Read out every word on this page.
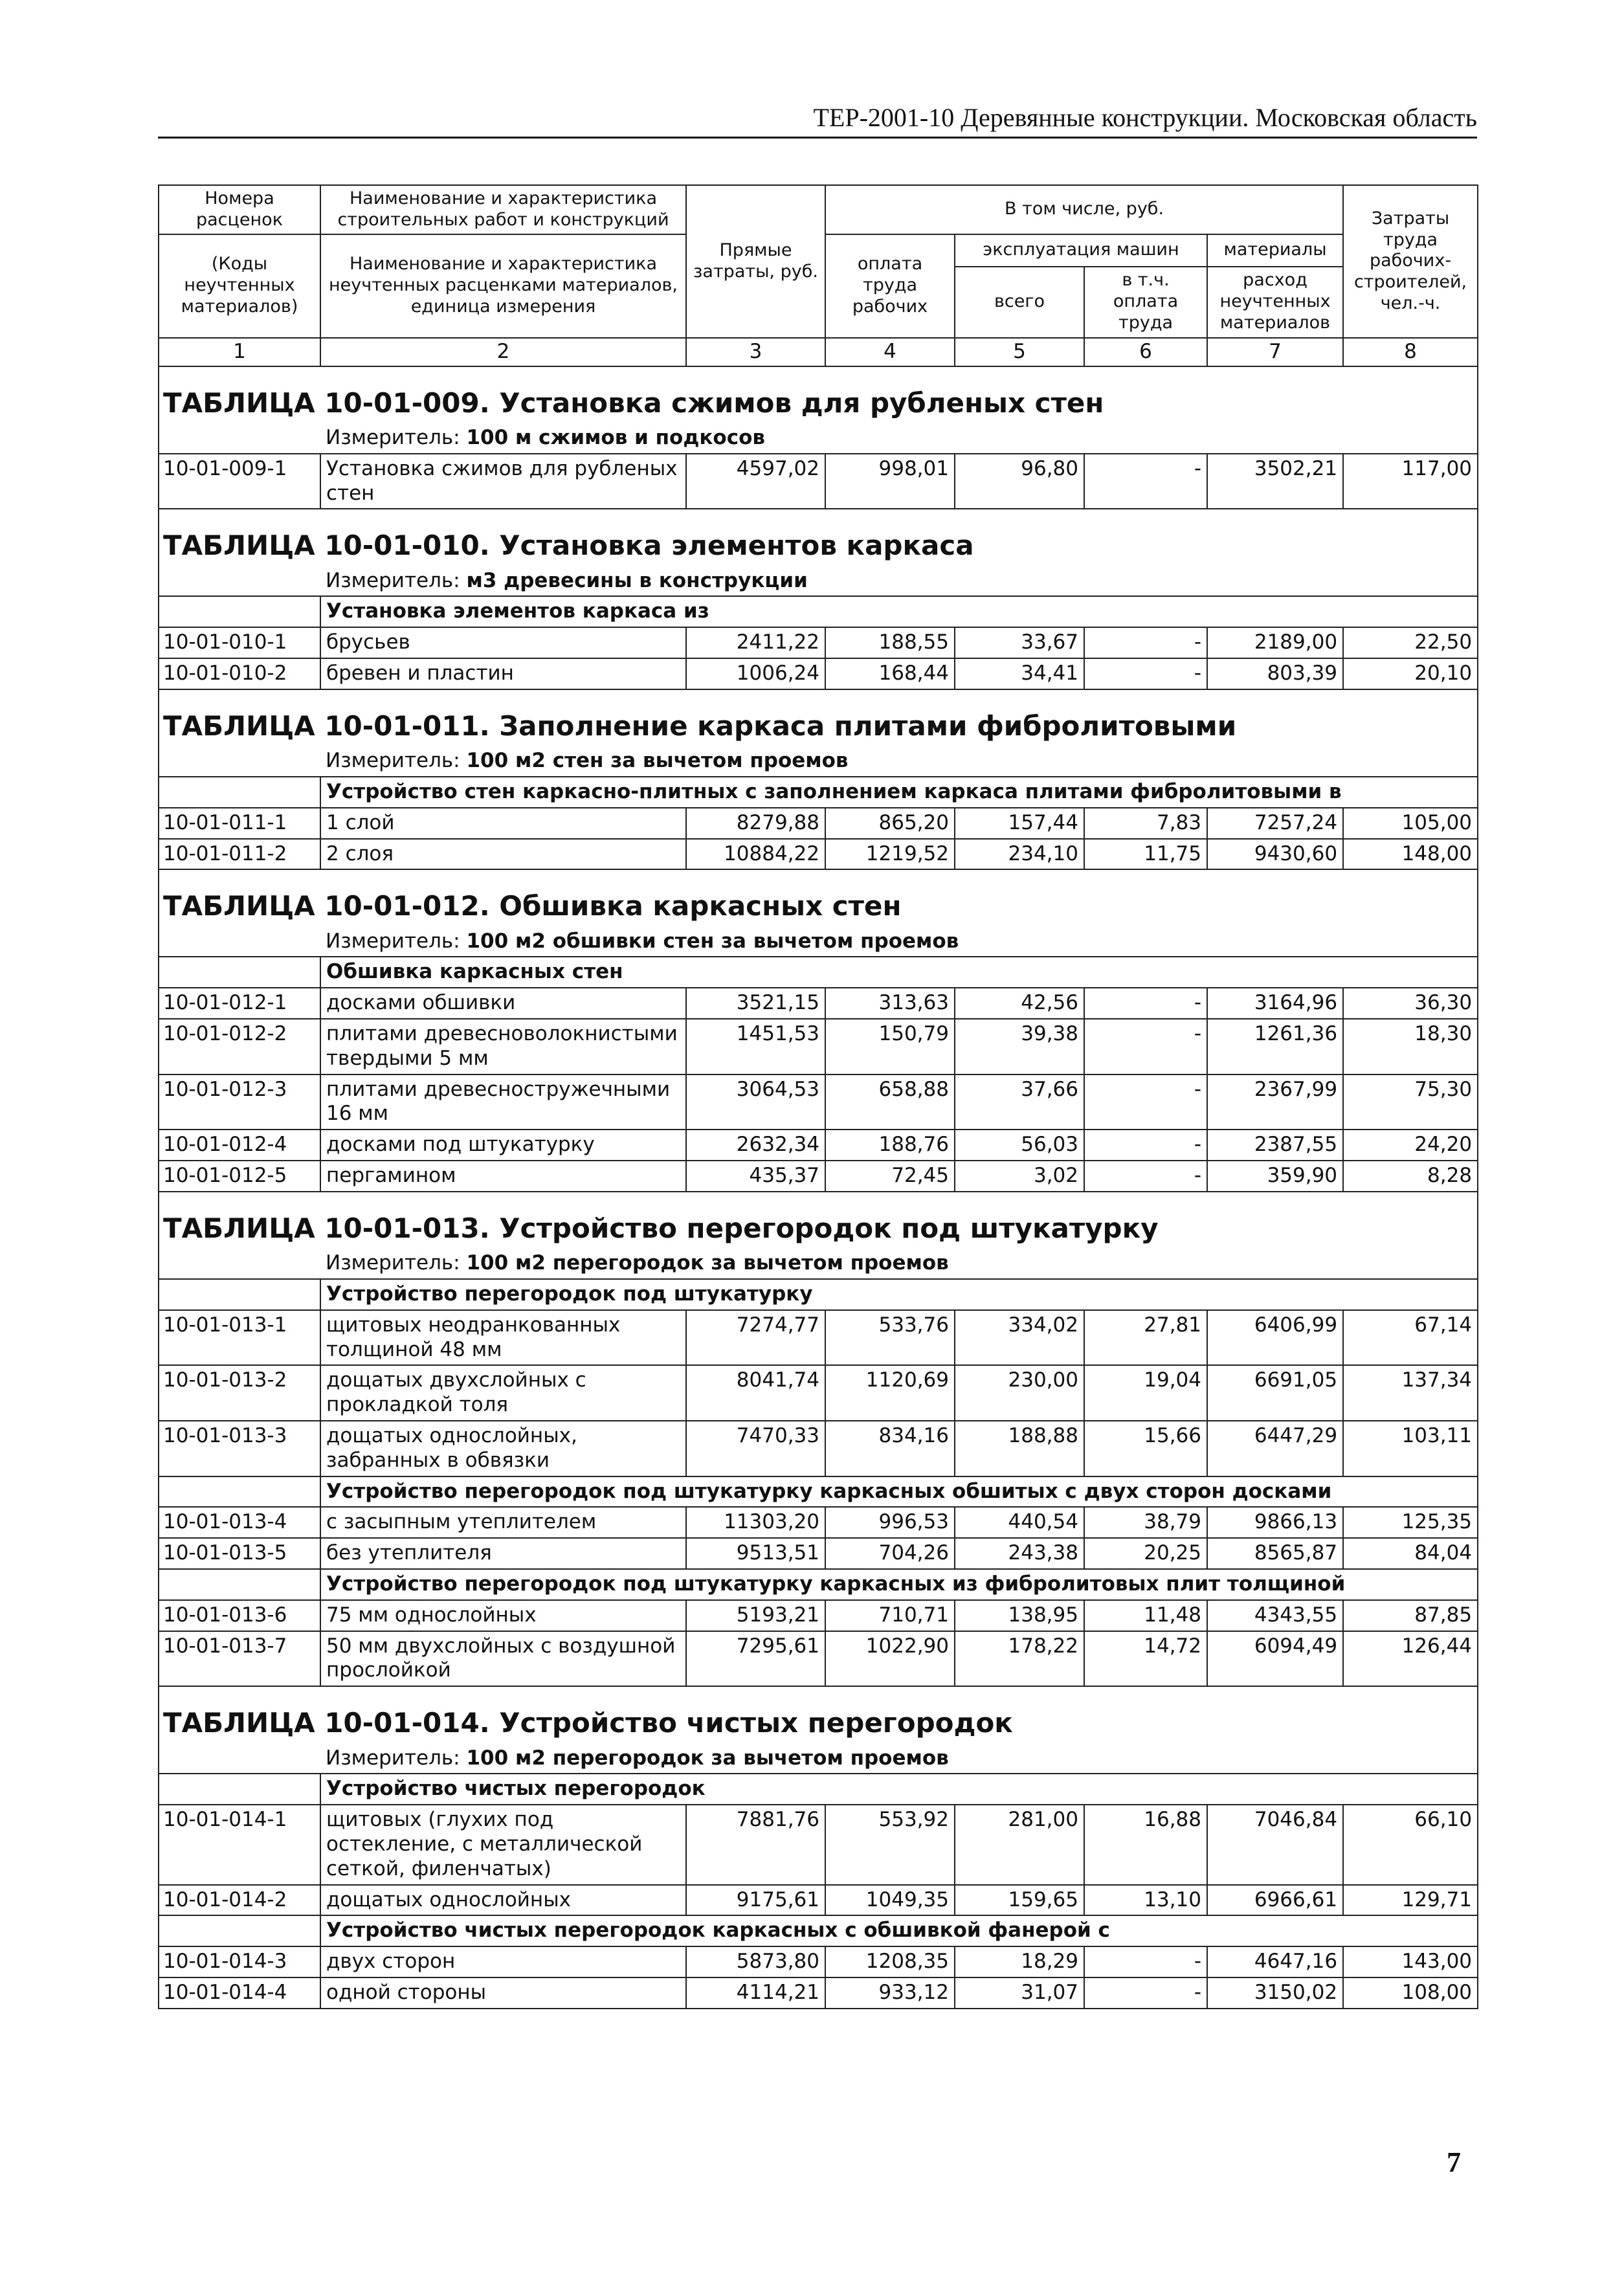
ТЕР-2001-10 Деревянные конструкции. Московская область
Номера расценок	Наименование и характеристика строительных работ и конструкций	Прямые затраты, руб.	В том числе, руб.				Затраты труда рабочих-строителей, чел.-ч.
(Коды неучтенных материалов)	Наименование и характеристика неучтенных расценками материалов, единица измерения		оплата труда рабочих	эксплуатация машин		материалы	
				всего	в т.ч. оплата труда	расход неучтенных материалов	
1	2	3	4	5	6	7	8
ТАБЛИЦА 10-01-009. Установка сжимов для рубленых стен							
	Измеритель: 100 м сжимов и подкосов						
10-01-009-1	Установка сжимов для рубленых стен	4597,02	998,01	96,80	-	3502,21	117,00
ТАБЛИЦА 10-01-010. Установка элементов каркаса							
	Измеритель: м3 древесины в конструкции						
	Установка элементов каркаса из						
10-01-010-1	брусьев	2411,22	188,55	33,67	-	2189,00	22,50
10-01-010-2	бревен и пластин	1006,24	168,44	34,41	-	803,39	20,10
ТАБЛИЦА 10-01-011. Заполнение каркаса плитами фибролитовыми							
	Измеритель: 100 м2 стен за вычетом проемов						
	Устройство стен каркасно-плитных с заполнением каркаса плитами фибролитовыми в						
10-01-011-1	1 слой	8279,88	865,20	157,44	7,83	7257,24	105,00
10-01-011-2	2 слоя	10884,22	1219,52	234,10	11,75	9430,60	148,00
ТАБЛИЦА 10-01-012. Обшивка каркасных стен							
	Измеритель: 100 м2 обшивки стен за вычетом проемов						
	Обшивка каркасных стен						
10-01-012-1	досками обшивки	3521,15	313,63	42,56	-	3164,96	36,30
10-01-012-2	плитами древесноволокнистыми твердыми 5 мм	1451,53	150,79	39,38	-	1261,36	18,30
10-01-012-3	плитами древесностружечными 16 мм	3064,53	658,88	37,66	-	2367,99	75,30
10-01-012-4	досками под штукатурку	2632,34	188,76	56,03	-	2387,55	24,20
10-01-012-5	пергамином	435,37	72,45	3,02	-	359,90	8,28
ТАБЛИЦА 10-01-013. Устройство перегородок под штукатурку							
	Измеритель: 100 м2 перегородок за вычетом проемов						
	Устройство перегородок под штукатурку						
10-01-013-1	щитовых неодранкованных толщиной 48 мм	7274,77	533,76	334,02	27,81	6406,99	67,14
10-01-013-2	дощатых двухслойных с прокладкой толя	8041,74	1120,69	230,00	19,04	6691,05	137,34
10-01-013-3	дощатых однослойных, забранных в обвязки	7470,33	834,16	188,88	15,66	6447,29	103,11
	Устройство перегородок под штукатурку каркасных обшитых с двух сторон досками						
10-01-013-4	с засыпным утеплителем	11303,20	996,53	440,54	38,79	9866,13	125,35
10-01-013-5	без утеплителя	9513,51	704,26	243,38	20,25	8565,87	84,04
	Устройство перегородок под штукатурку каркасных из фибролитовых плит толщиной						
10-01-013-6	75 мм однослойных	5193,21	710,71	138,95	11,48	4343,55	87,85
10-01-013-7	50 мм двухслойных с воздушной прослойкой	7295,61	1022,90	178,22	14,72	6094,49	126,44
ТАБЛИЦА 10-01-014. Устройство чистых перегородок							
	Измеритель: 100 м2 перегородок за вычетом проемов						
	Устройство чистых перегородок						
10-01-014-1	щитовых (глухих под остекление, с металлической сеткой, филенчатых)	7881,76	553,92	281,00	16,88	7046,84	66,10
10-01-014-2	дощатых однослойных	9175,61	1049,35	159,65	13,10	6966,61	129,71
	Устройство чистых перегородок каркасных с обшивкой фанерой с						
10-01-014-3	двух сторон	5873,80	1208,35	18,29	-	4647,16	143,00
10-01-014-4	одной стороны	4114,21	933,12	31,07	-	3150,02	108,00
7
